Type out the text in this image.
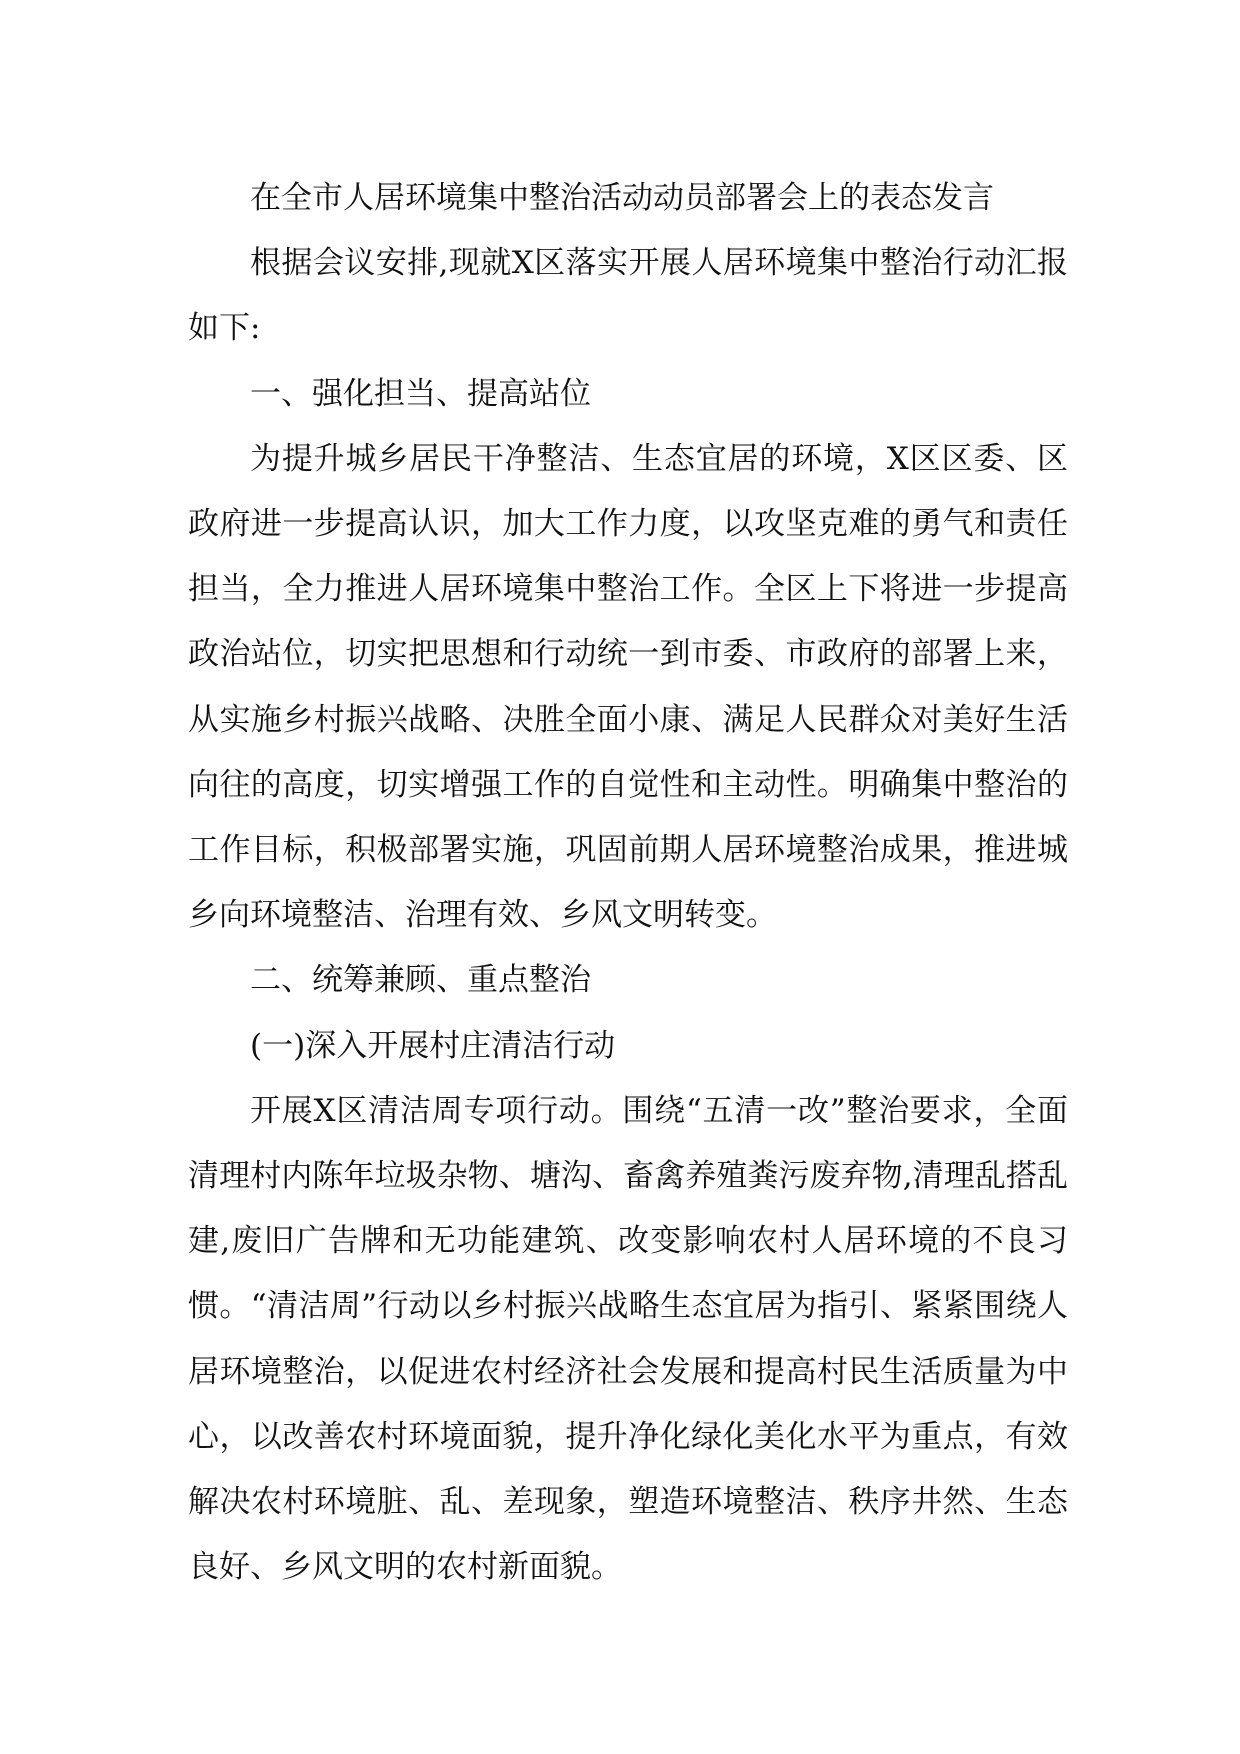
在全市人居环境集中整治活动动员部署会上的表态发言

根据会议安排,现就X区落实开展人居环境集中整治行动汇报如下:

一、强化担当、提高站位

为提升城乡居民干净整洁、生态宜居的环境，X区区委、区政府进一步提高认识，加大工作力度，以攻坚克难的勇气和责任担当，全力推进人居环境集中整治工作。全区上下将进一步提高政治站位，切实把思想和行动统一到市委、市政府的部署上来，从实施乡村振兴战略、决胜全面小康、满足人民群众对美好生活向往的高度，切实增强工作的自觉性和主动性。明确集中整治的工作目标，积极部署实施，巩固前期人居环境整治成果，推进城乡向环境整洁、治理有效、乡风文明转变。

二、统筹兼顾、重点整治

(一)深入开展村庄清洁行动

开展X区清洁周专项行动。围绕“五清一改”整治要求，全面清理村内陈年垃圾杂物、塘沟、畜禽养殖粪污废弃物,清理乱搭乱建,废旧广告牌和无功能建筑、改变影响农村人居环境的不良习惯。“清洁周”行动以乡村振兴战略生态宜居为指引、紧紧围绕人居环境整治，以促进农村经济社会发展和提高村民生活质量为中心，以改善农村环境面貌，提升净化绿化美化水平为重点，有效解决农村环境脏、乱、差现象，塑造环境整洁、秩序井然、生态良好、乡风文明的农村新面貌。
